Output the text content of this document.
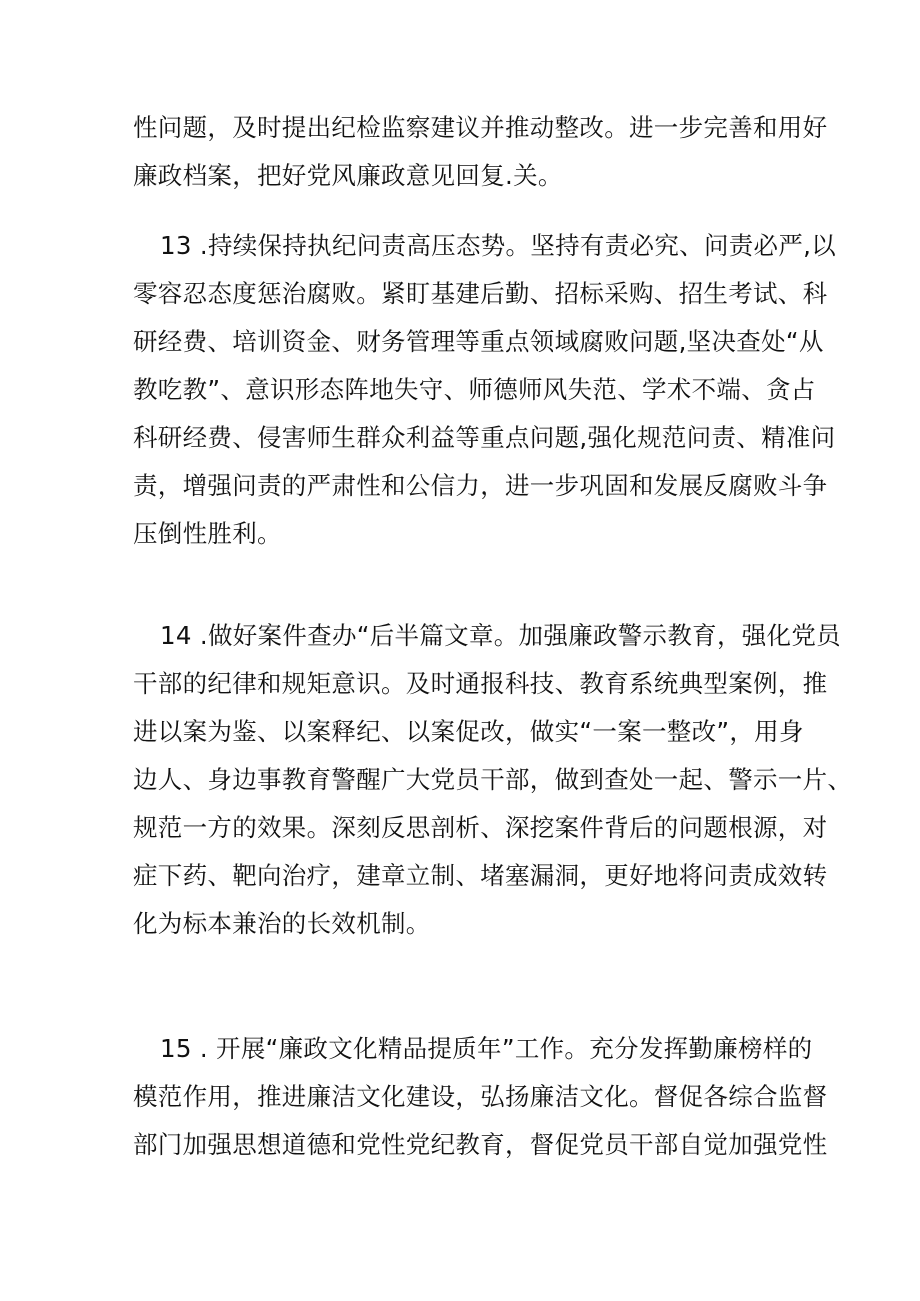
性问题，及时提出纪检监察建议并推动整改。进一步完善和用好
廉政档案，把好党风廉政意见回复.关。
13 .持续保持执纪问责高压态势。坚持有责必究、问责必严,以
零容忍态度惩治腐败。紧盯基建后勤、招标采购、招生考试、科
研经费、培训资金、财务管理等重点领域腐败问题,坚决查处“从
教吃教”、意识形态阵地失守、师德师风失范、学术不端、贪占
科研经费、侵害师生群众利益等重点问题,强化规范问责、精准问
责，增强问责的严肃性和公信力，进一步巩固和发展反腐败斗争
压倒性胜利。
14 .做好案件查办“后半篇文章。加强廉政警示教育，强化党员
干部的纪律和规矩意识。及时通报科技、教育系统典型案例，推
进以案为鉴、以案释纪、以案促改，做实“一案一整改”，用身
边人、身边事教育警醒广大党员干部，做到查处一起、警示一片、
规范一方的效果。深刻反思剖析、深挖案件背后的问题根源，对
症下药、靶向治疗，建章立制、堵塞漏洞，更好地将问责成效转
化为标本兼治的长效机制。
15 . 开展“廉政文化精品提质年”工作。充分发挥勤廉榜样的
模范作用，推进廉洁文化建设，弘扬廉洁文化。督促各综合监督
部门加强思想道德和党性党纪教育，督促党员干部自觉加强党性
